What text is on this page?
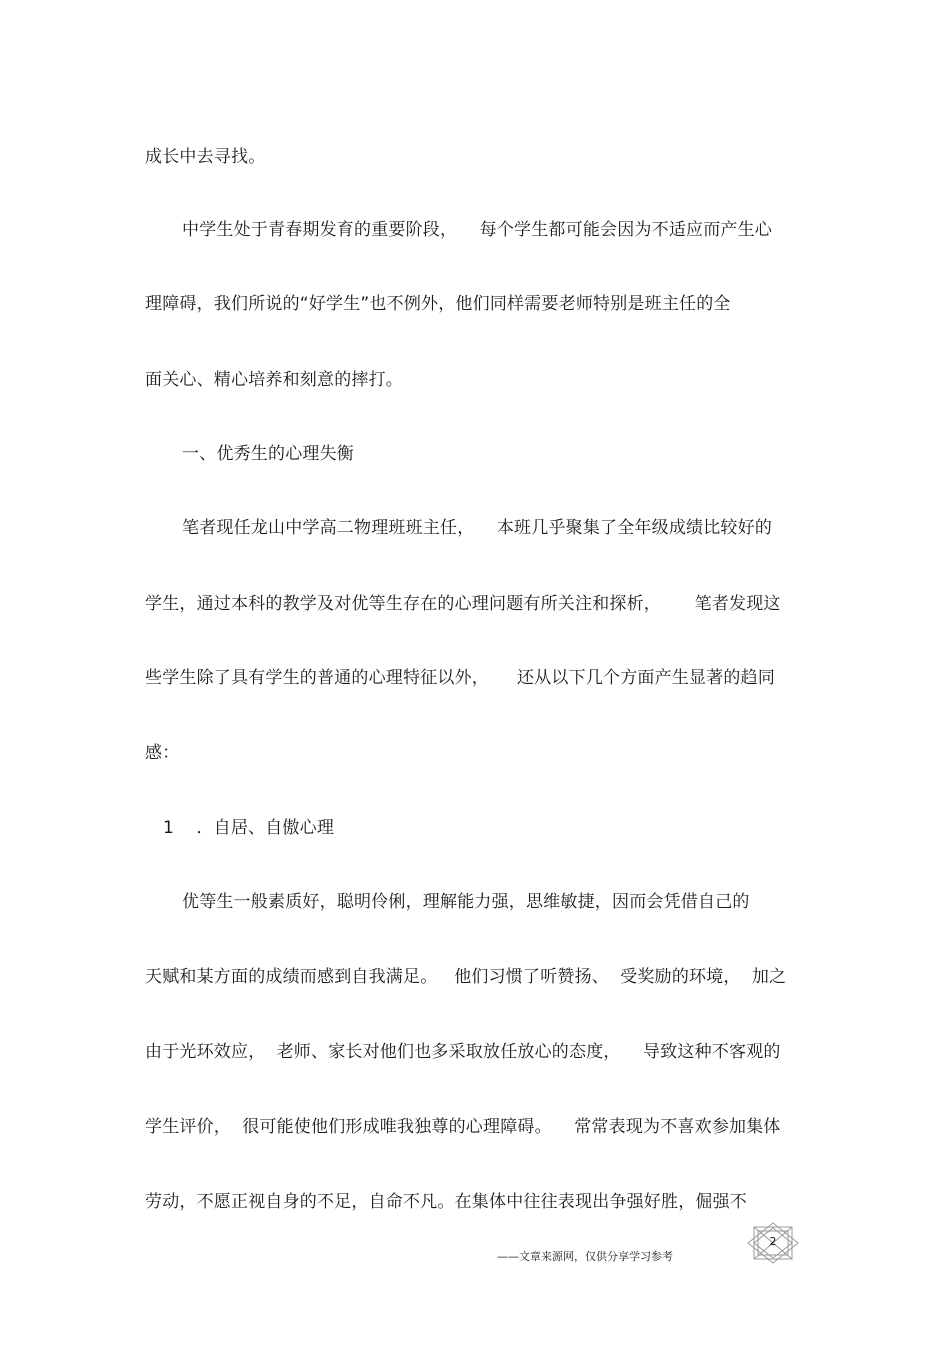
成长中去寻找。
中学生处于青春期发育的重要阶段，    每个学生都可能会因为不适应而产生心
理障碍，我们所说的“好学生”也不例外，他们同样需要老师特别是班主任的全
面关心、精心培养和刻意的摔打。
一、优秀生的心理失衡
笔者现任龙山中学高二物理班班主任，    本班几乎聚集了全年级成绩比较好的
学生，通过本科的教学及对优等生存在的心理问题有所关注和探析，      笔者发现这
些学生除了具有学生的普通的心理特征以外，     还从以下几个方面产生显著的趋同
感：
1    ．自居、自傲心理
优等生一般素质好，聪明伶俐，理解能力强，思维敏捷，因而会凭借自己的
天赋和某方面的成绩而感到自我满足。   他们习惯了听赞扬、  受奖励的环境，  加之
由于光环效应，  老师、家长对他们也多采取放任放心的态度，    导致这种不客观的
学生评价，  很可能使他们形成唯我独尊的心理障碍。    常常表现为不喜欢参加集体
劳动，不愿正视自身的不足，自命不凡。在集体中往往表现出争强好胜，倔强不
——文章来源网，仅供分享学习参考
2
